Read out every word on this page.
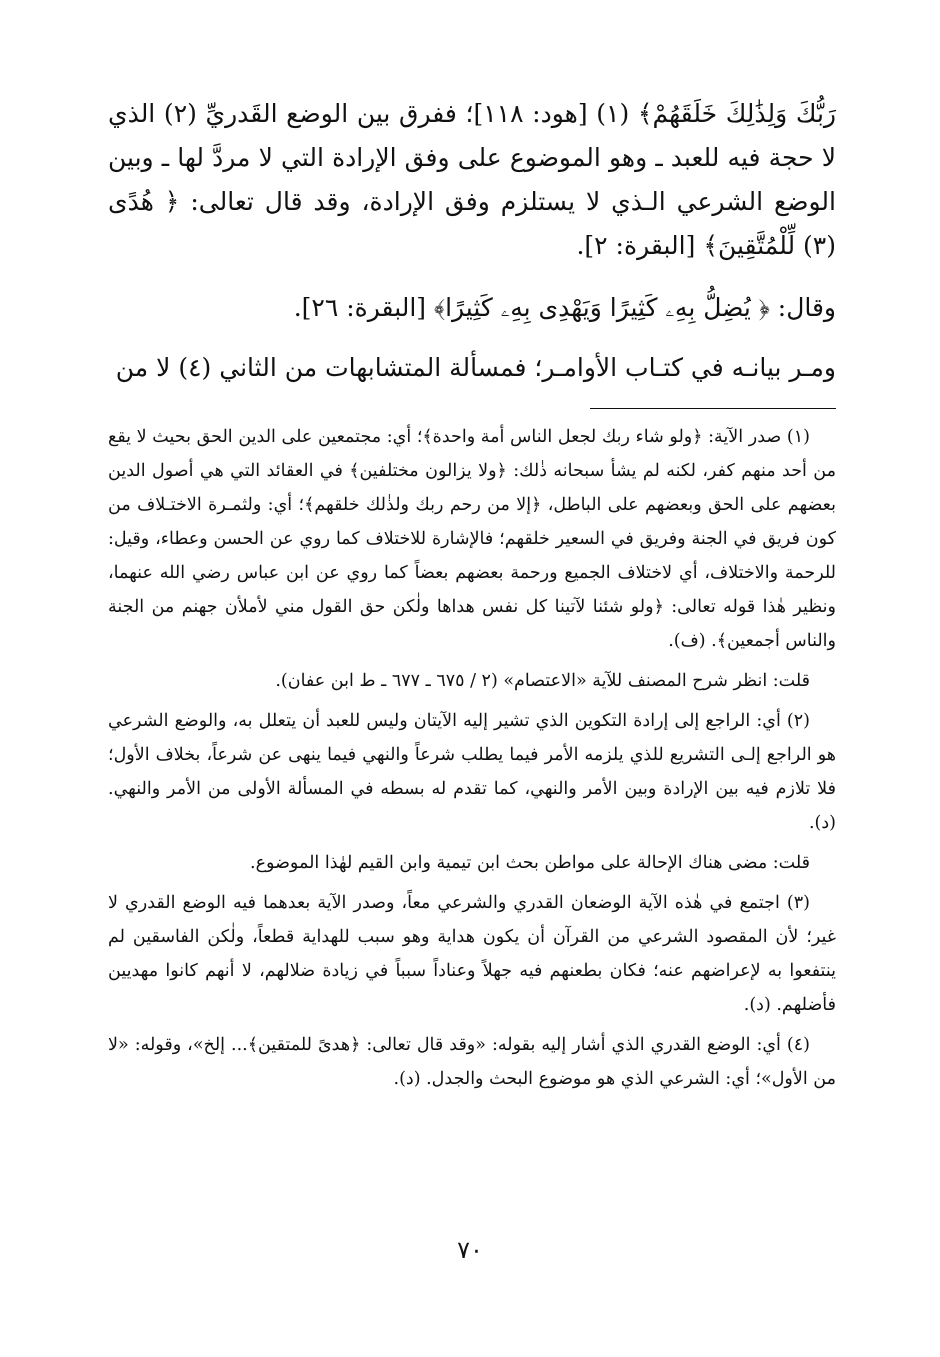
رَبُّكَ وَلِذَٰلِكَ خَلَقَهُمْ﴾ (١) [هود: ١١٨]؛ ففرق بين الوضع القَدريِّ (٢) الذي لا حجة فيه للعبد ـ وهو الموضوع على وفق الإرادة التي لا مردَّ لها ـ وبين الوضع الشرعي الـذي لا يستلزم وفق الإرادة، وقد قال تعالى: ﴿ هُدًى (٣) لِّلْمُتَّقِينَ﴾ [البقرة: ٢].

وقال: ﴿ يُضِلُّ بِهِۦ كَثِيرًا وَيَهْدِى بِهِۦ كَثِيرًا﴾ [البقرة: ٢٦].

ومـر بيانـه في كتـاب الأوامـر؛ فمسألة المتشابهات من الثاني (٤) لا من

(١) صدر الآية: ﴿ولو شاء ربك لجعل الناس أمة واحدة﴾؛ أي: مجتمعين على الدين الحق بحيث لا يقع من أحد منهم كفر، لكنه لم يشأ سبحانه ذٰلك: ﴿ولا يزالون مختلفين﴾ في العقائد التي هي أصول الدين بعضهم على الحق وبعضهم على الباطل، ﴿إلا من رحم ربك ولذٰلك خلقهم﴾؛ أي: ولثمـرة الاختـلاف من كون فريق في الجنة وفريق في السعير خلقهم؛ فالإشارة للاختلاف كما روي عن الحسن وعطاء، وقيل: للرحمة والاختلاف، أي لاختلاف الجميع ورحمة بعضهم بعضاً كما روي عن ابن عباس رضي الله عنهما، ونظير هٰذا قوله تعالى: ﴿ولو شئنا لآتينا كل نفس هداها ولٰكن حق القول مني لأملأن جهنم من الجنة والناس أجمعين﴾. (ف).

قلت: انظر شرح المصنف للآية «الاعتصام» (٢ / ٦٧٥ ـ ٦٧٧ ـ ط ابن عفان).

(٢) أي: الراجع إلى إرادة التكوين الذي تشير إليه الآيتان وليس للعبد أن يتعلل به، والوضع الشرعي هو الراجع إلـى التشريع للذي يلزمه الأمر فيما يطلب شرعاً والنهي فيما ينهى عن شرعاً، بخلاف الأول؛ فلا تلازم فيه بين الإرادة وبين الأمر والنهي، كما تقدم له بسطه في المسألة الأولى من الأمر والنهي. (د).

قلت: مضى هناك الإحالة على مواطن بحث ابن تيمية وابن القيم لهٰذا الموضوع.

(٣) اجتمع في هٰذه الآية الوضعان القدري والشرعي معاً، وصدر الآية بعدهما فيه الوضع القدري لا غير؛ لأن المقصود الشرعي من القرآن أن يكون هداية وهو سبب للهداية قطعاً، ولٰكن الفاسقين لم ينتفعوا به لإعراضهم عنه؛ فكان بطعنهم فيه جهلاً وعناداً سبباً في زيادة ضلالهم، لا أنهم كانوا مهديين فأضلهم. (د).

(٤) أي: الوضع القدري الذي أشار إليه بقوله: «وقد قال تعالى: ﴿هدىً للمتقين﴾... إلخ»، وقوله: «لا من الأول»؛ أي: الشرعي الذي هو موضوع البحث والجدل. (د).

٧٠
